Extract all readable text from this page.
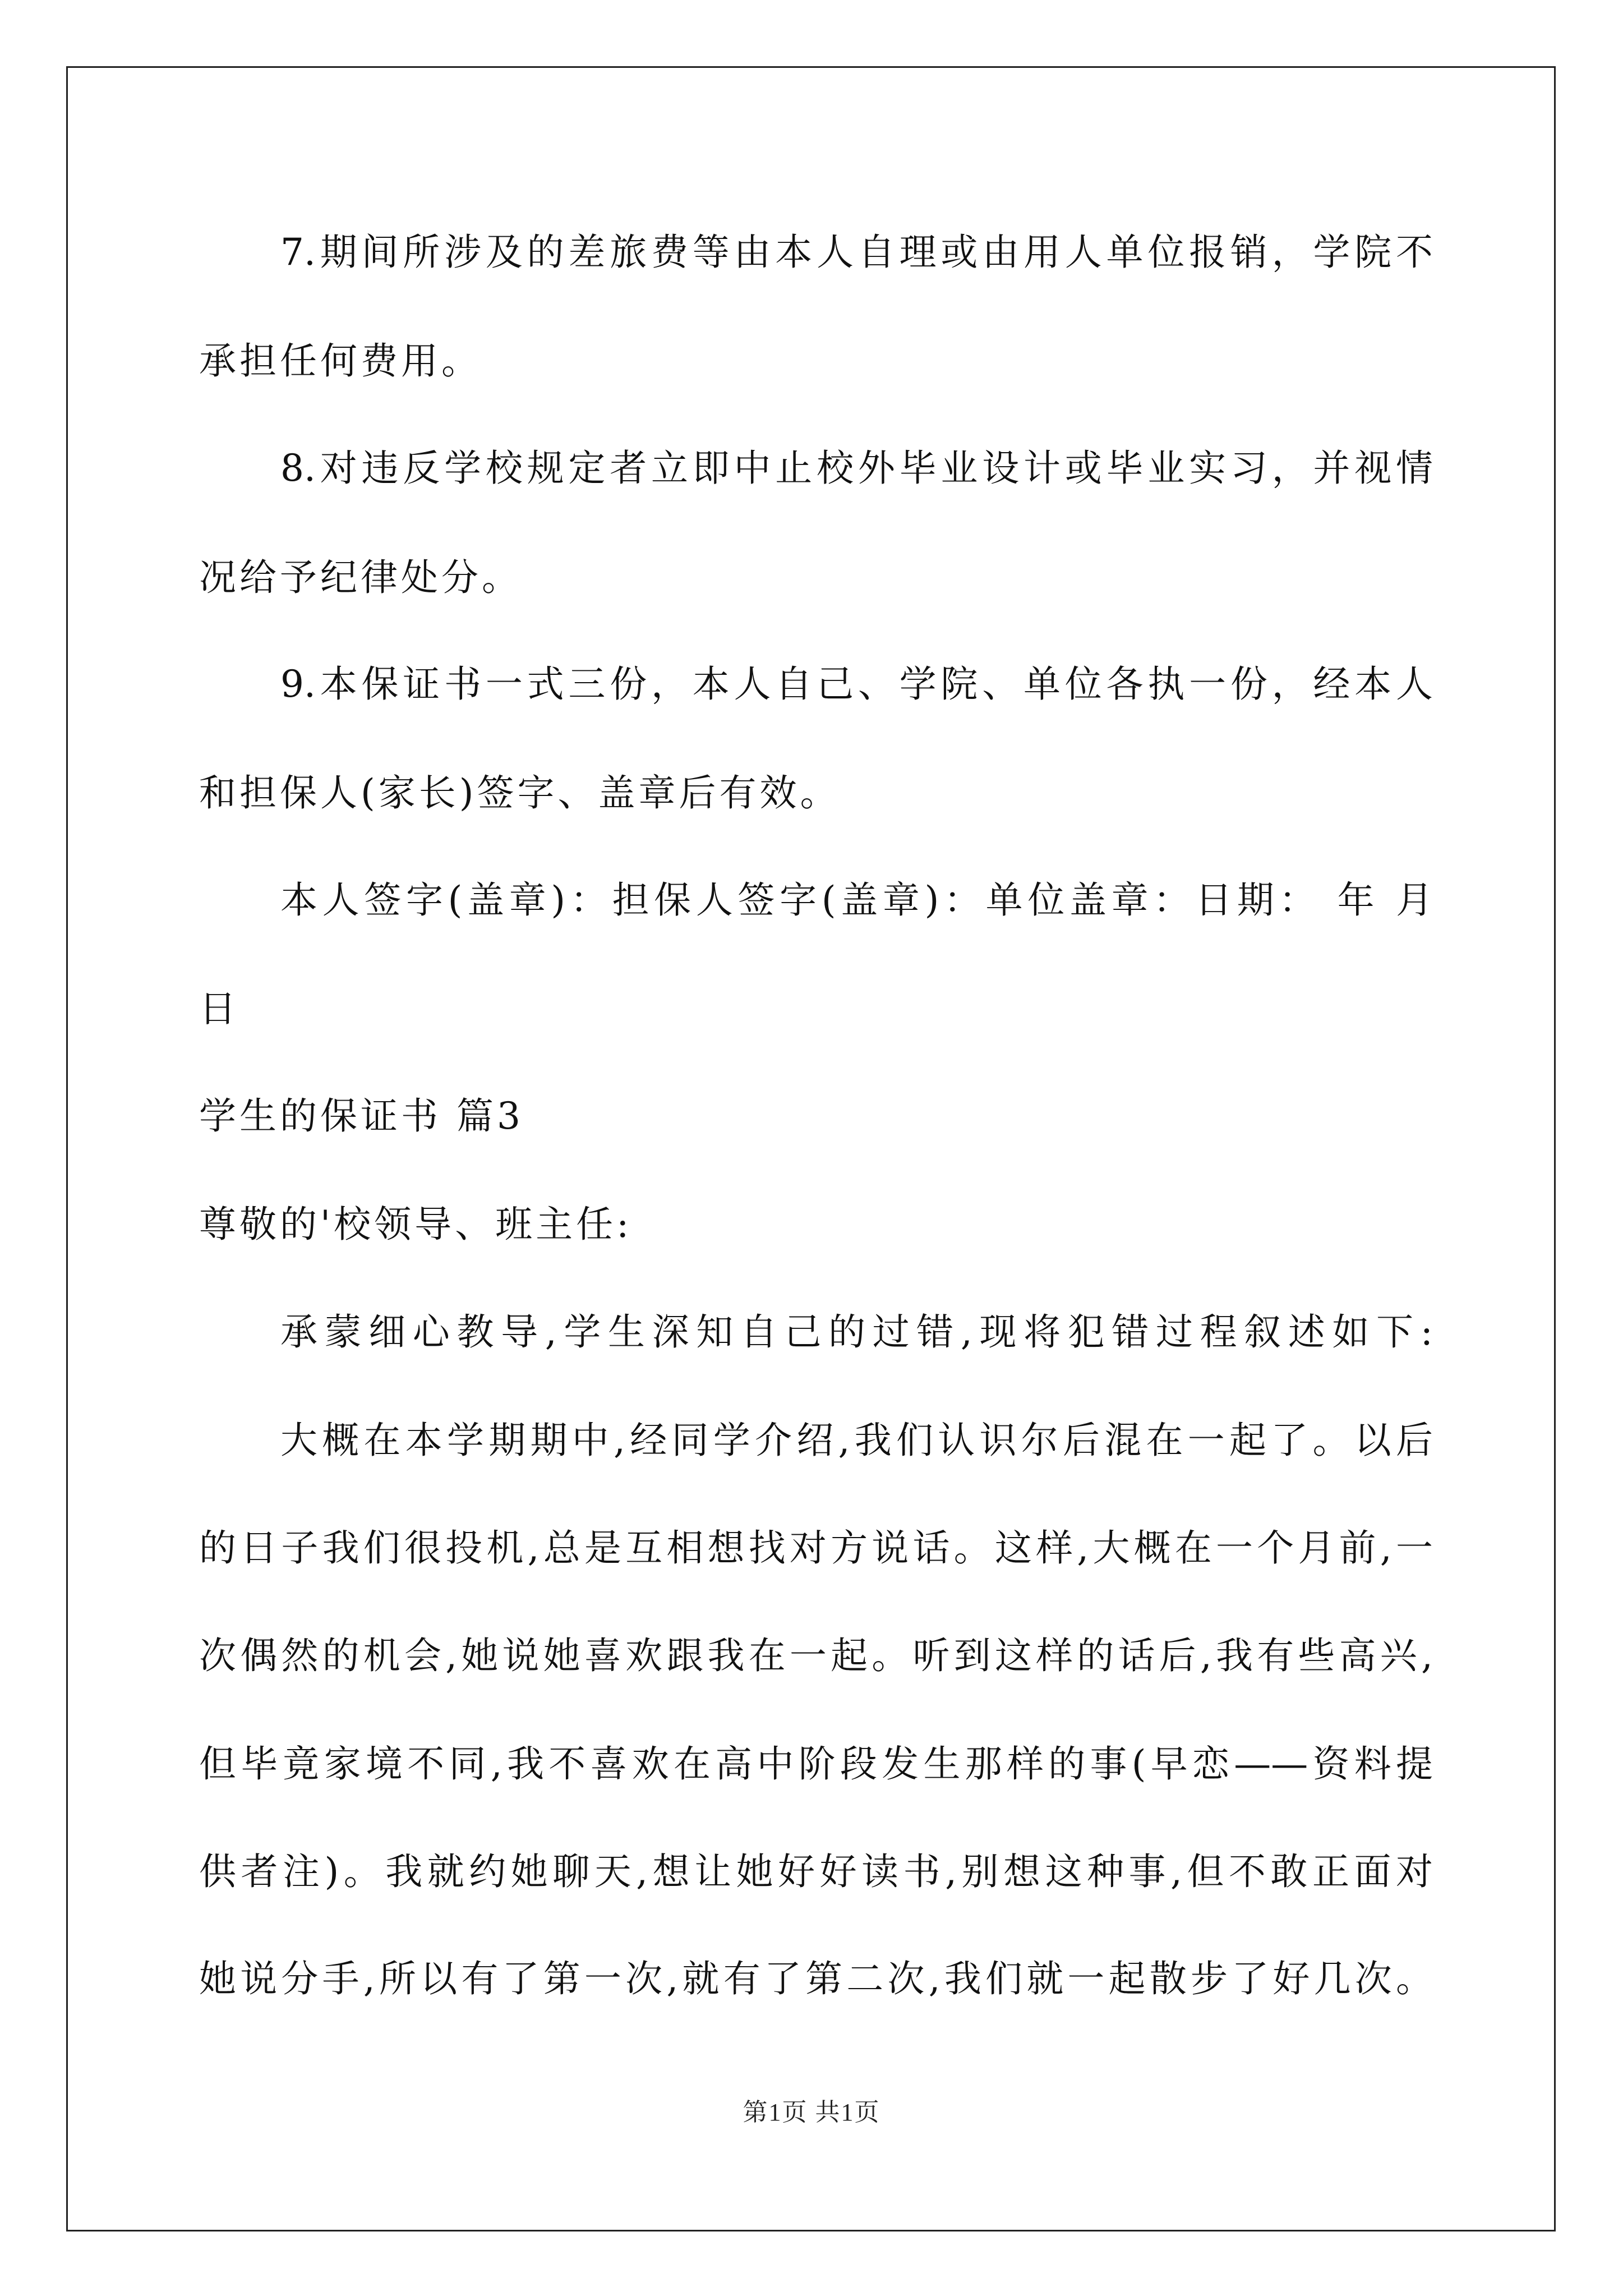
7.期间所涉及的差旅费等由本人自理或由用人单位报销，学院不
承担任何费用。
8.对违反学校规定者立即中止校外毕业设计或毕业实习，并视情
况给予纪律处分。
9.本保证书一式三份，本人自己、学院、单位各执一份，经本人
和担保人(家长)签字、盖章后有效。
本人签字(盖章)：担保人签字(盖章)：单位盖章：日期： 年 月
日
学生的保证书 篇3
尊敬的'校领导、班主任:
承蒙细心教导,学生深知自己的过错,现将犯错过程叙述如下:
大概在本学期期中,经同学介绍,我们认识尔后混在一起了。以后
的日子我们很投机,总是互相想找对方说话。这样,大概在一个月前,一
次偶然的机会,她说她喜欢跟我在一起。听到这样的话后,我有些高兴,
但毕竟家境不同,我不喜欢在高中阶段发生那样的事(早恋——资料提
供者注)。我就约她聊天,想让她好好读书,别想这种事,但不敢正面对
她说分手,所以有了第一次,就有了第二次,我们就一起散步了好几次。
第1页 共1页
